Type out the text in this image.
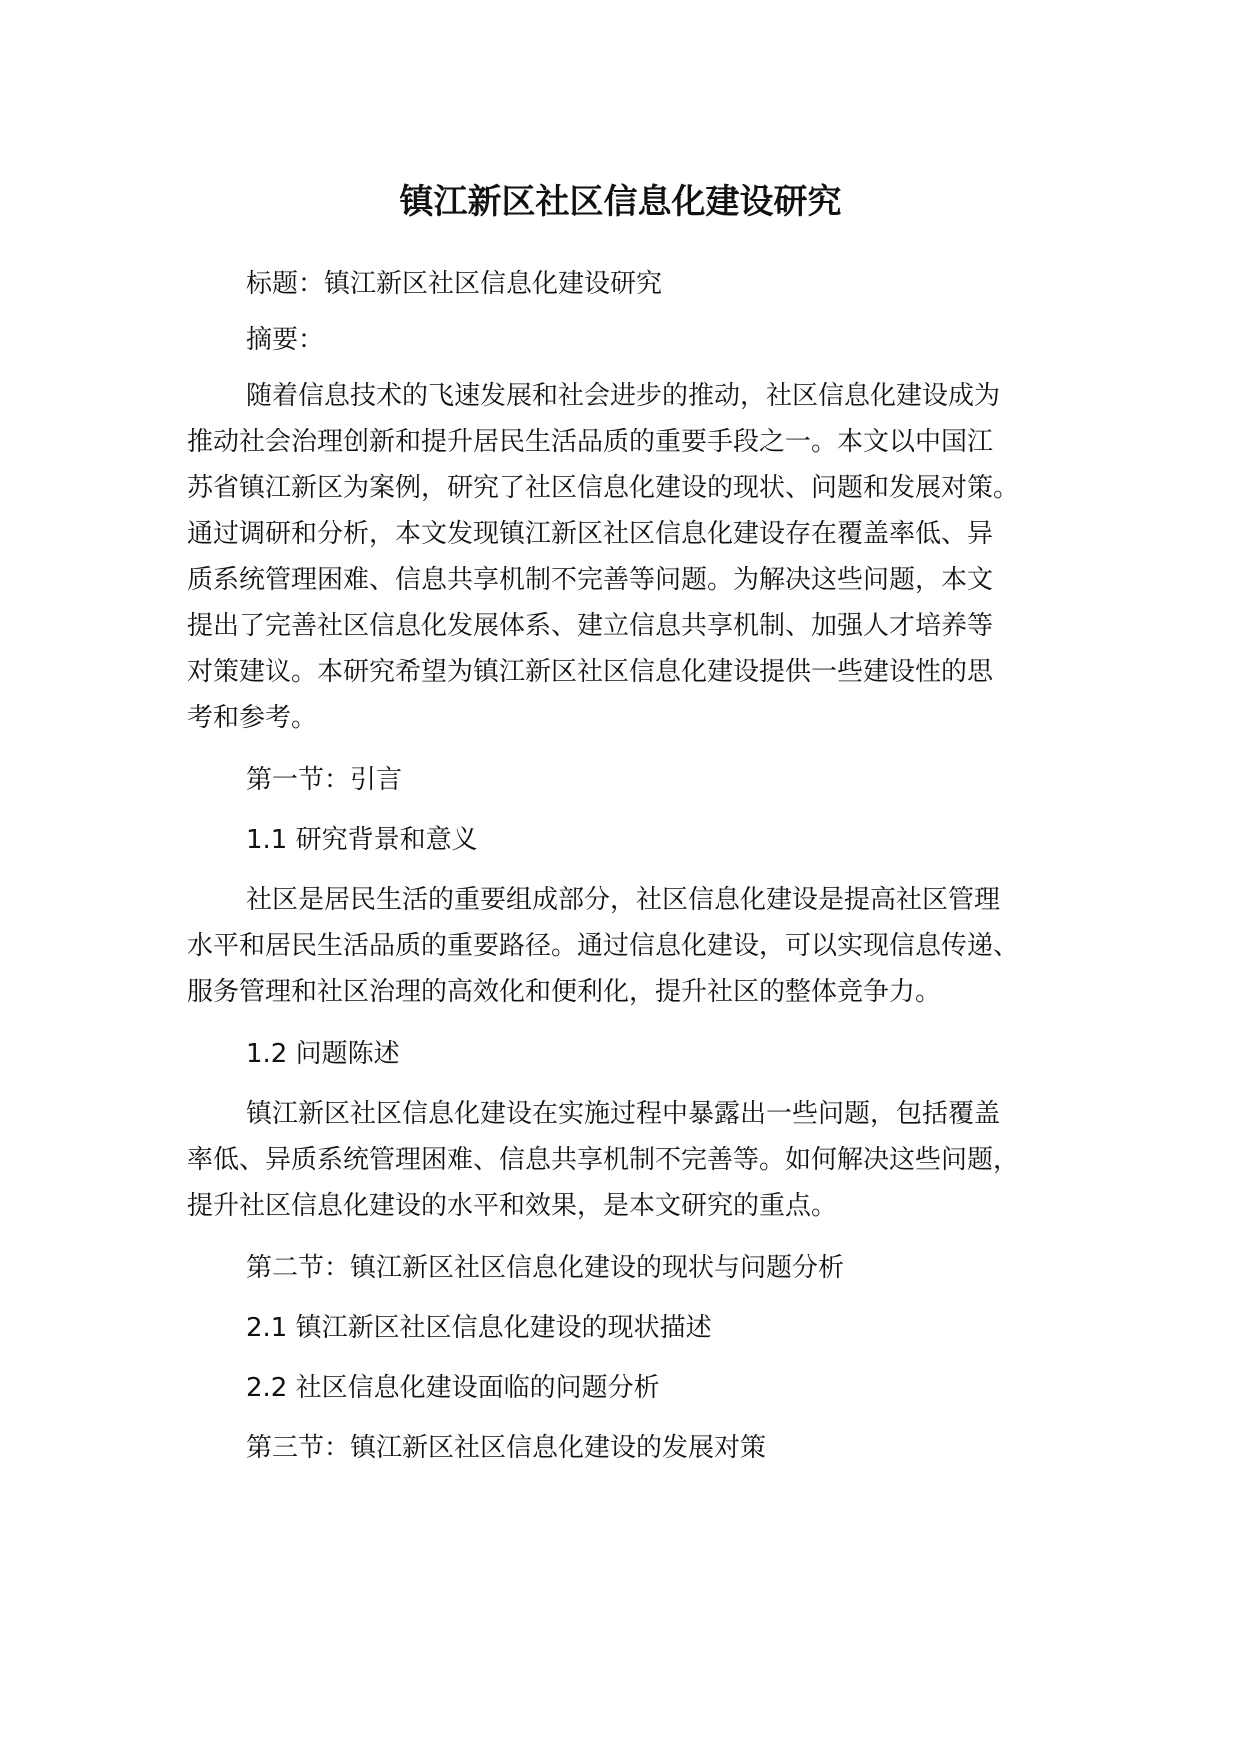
镇江新区社区信息化建设研究

标题：镇江新区社区信息化建设研究

摘要：

随着信息技术的飞速发展和社会进步的推动，社区信息化建设成为

推动社会治理创新和提升居民生活品质的重要手段之一。本文以中国江

苏省镇江新区为案例，研究了社区信息化建设的现状、问题和发展对策。

通过调研和分析，本文发现镇江新区社区信息化建设存在覆盖率低、异

质系统管理困难、信息共享机制不完善等问题。为解决这些问题，本文

提出了完善社区信息化发展体系、建立信息共享机制、加强人才培养等

对策建议。本研究希望为镇江新区社区信息化建设提供一些建设性的思

考和参考。

第一节：引言

1.1 研究背景和意义

社区是居民生活的重要组成部分，社区信息化建设是提高社区管理

水平和居民生活品质的重要路径。通过信息化建设，可以实现信息传递、

服务管理和社区治理的高效化和便利化，提升社区的整体竞争力。

1.2 问题陈述

镇江新区社区信息化建设在实施过程中暴露出一些问题，包括覆盖

率低、异质系统管理困难、信息共享机制不完善等。如何解决这些问题，

提升社区信息化建设的水平和效果，是本文研究的重点。

第二节：镇江新区社区信息化建设的现状与问题分析

2.1 镇江新区社区信息化建设的现状描述

2.2 社区信息化建设面临的问题分析

第三节：镇江新区社区信息化建设的发展对策
